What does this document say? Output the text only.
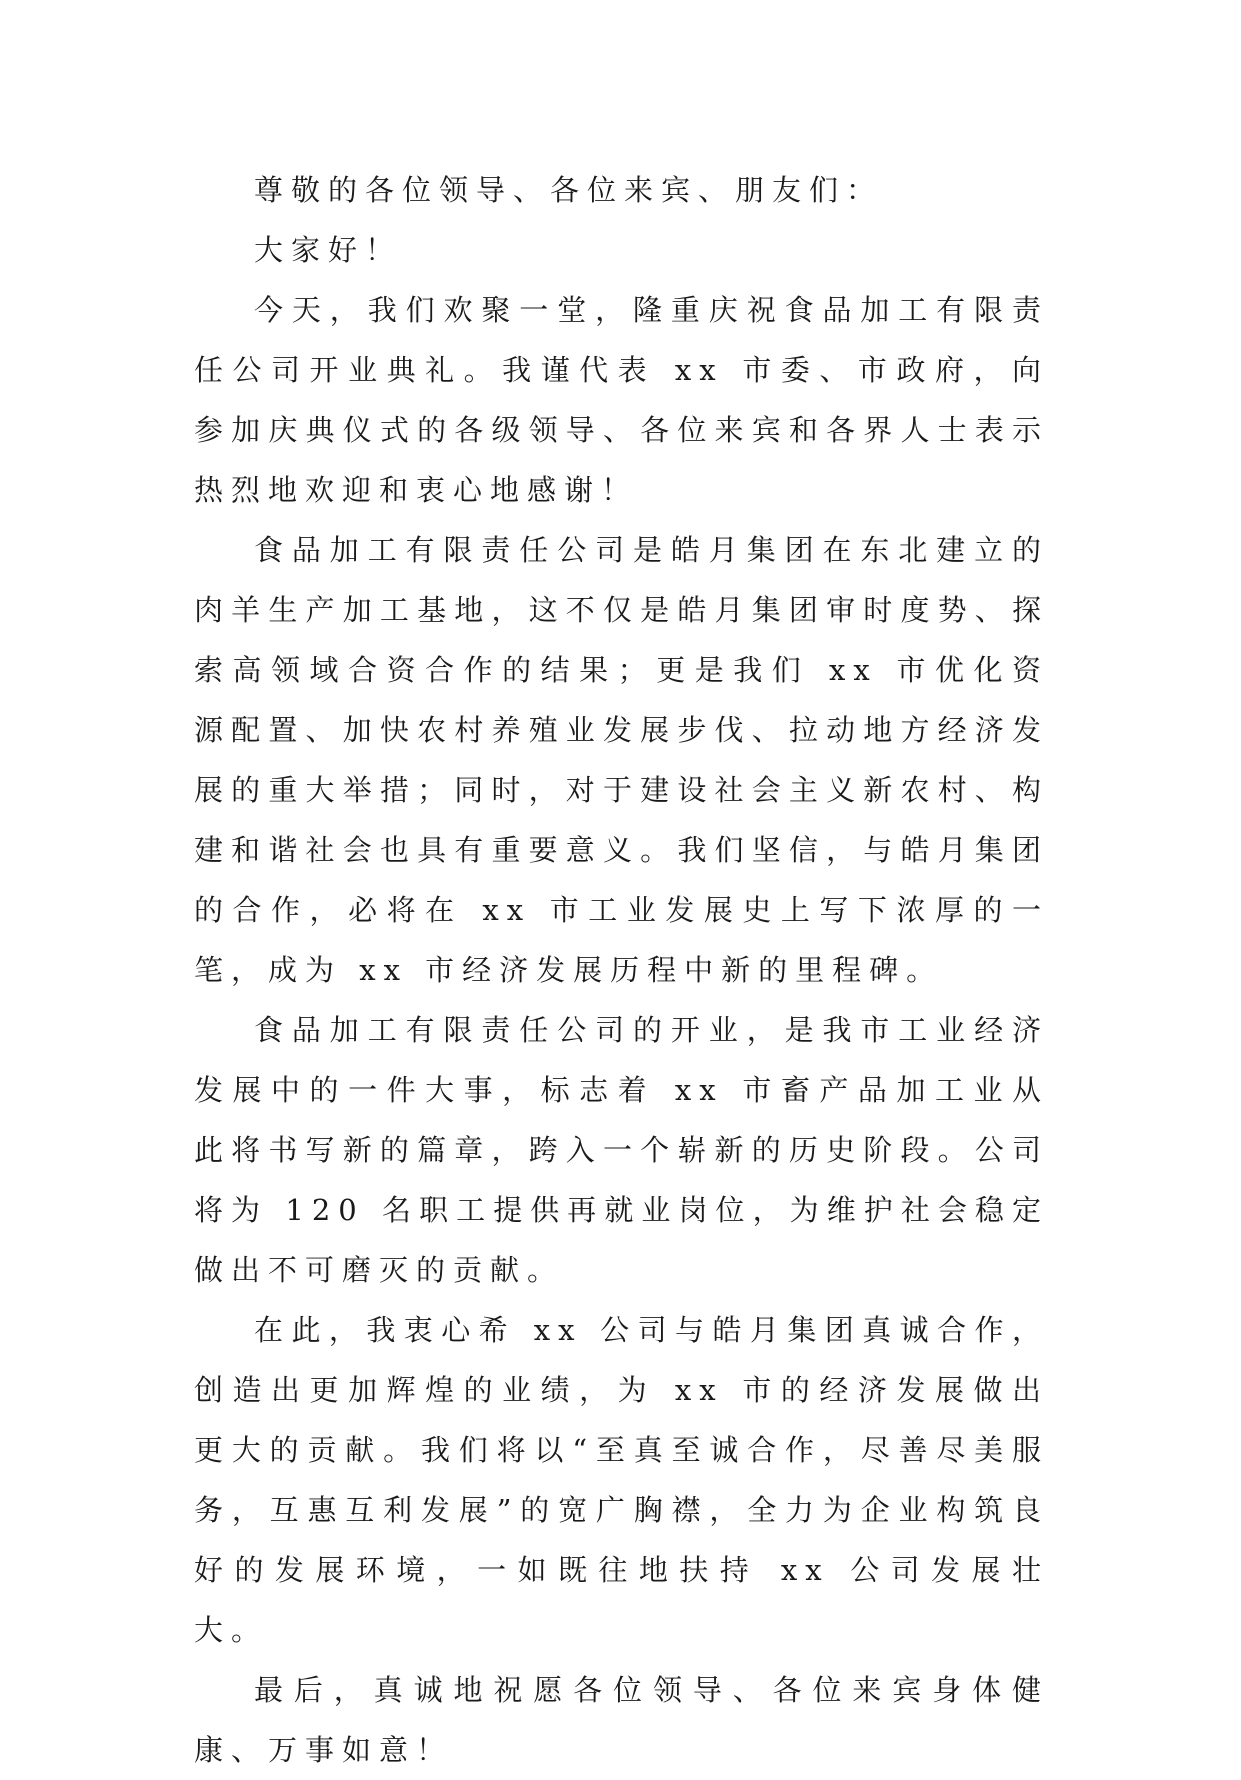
尊敬的各位领导、各位来宾、朋友们：

大家好！

今天，我们欢聚一堂，隆重庆祝食品加工有限责任公司开业典礼。我谨代表 xx 市委、市政府，向参加庆典仪式的各级领导、各位来宾和各界人士表示热烈地欢迎和衷心地感谢！

食品加工有限责任公司是皓月集团在东北建立的肉羊生产加工基地，这不仅是皓月集团审时度势、探索高领域合资合作的结果；更是我们 xx 市优化资源配置、加快农村养殖业发展步伐、拉动地方经济发展的重大举措；同时，对于建设社会主义新农村、构建和谐社会也具有重要意义。我们坚信，与皓月集团的合作，必将在 xx 市工业发展史上写下浓厚的一笔，成为 xx 市经济发展历程中新的里程碑。

食品加工有限责任公司的开业，是我市工业经济发展中的一件大事，标志着 xx 市畜产品加工业从此将书写新的篇章，跨入一个崭新的历史阶段。公司将为 120 名职工提供再就业岗位，为维护社会稳定做出不可磨灭的贡献。

在此，我衷心希 xx 公司与皓月集团真诚合作，创造出更加辉煌的业绩，为 xx 市的经济发展做出更大的贡献。我们将以“至真至诚合作，尽善尽美服务，互惠互利发展”的宽广胸襟，全力为企业构筑良好的发展环境，一如既往地扶持 xx 公司发展壮大。

最后，真诚地祝愿各位领导、各位来宾身体健康、万事如意！
